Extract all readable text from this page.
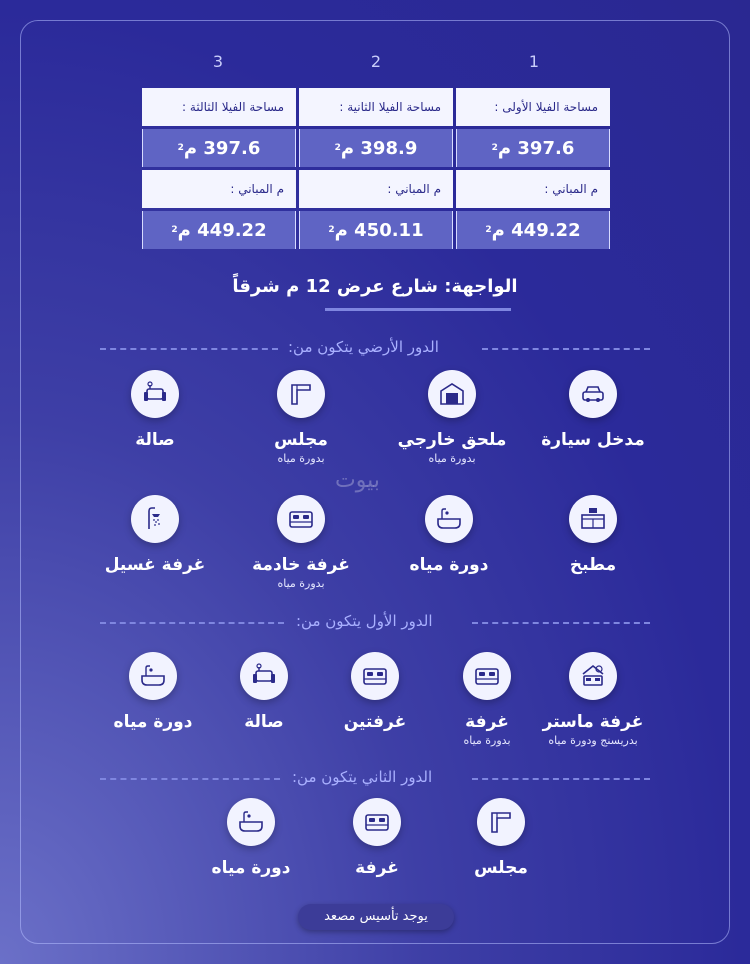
بيوت
1
2
3
مساحة الفيلا الأولى :
مساحة الفيلا الثانية :
مساحة الفيلا الثالثة :
397.6

م
2
398.9

م
2
397.6

م
2
م المباني :
م المباني :
م المباني :
449.22

م
2
450.11

م
2
449.22

م
2
الواجهة: شارع عرض 12 م شرقاً
الدور الأرضي يتكون من:
مدخل سيارة
ملحق خارجي
بدورة مياه
مجلس
بدورة مياه
صالة
مطبخ
دورة مياه
غرفة خادمة
بدورة مياه
غرفة غسيل
الدور الأول يتكون من:
غرفة ماستر
بدريسنج ودورة مياه
غرفة
بدورة مياه
غرفتين
صالة
دورة مياه
الدور الثاني يتكون من:
مجلس
غرفة
دورة مياه
يوجد تأسيس مصعد
